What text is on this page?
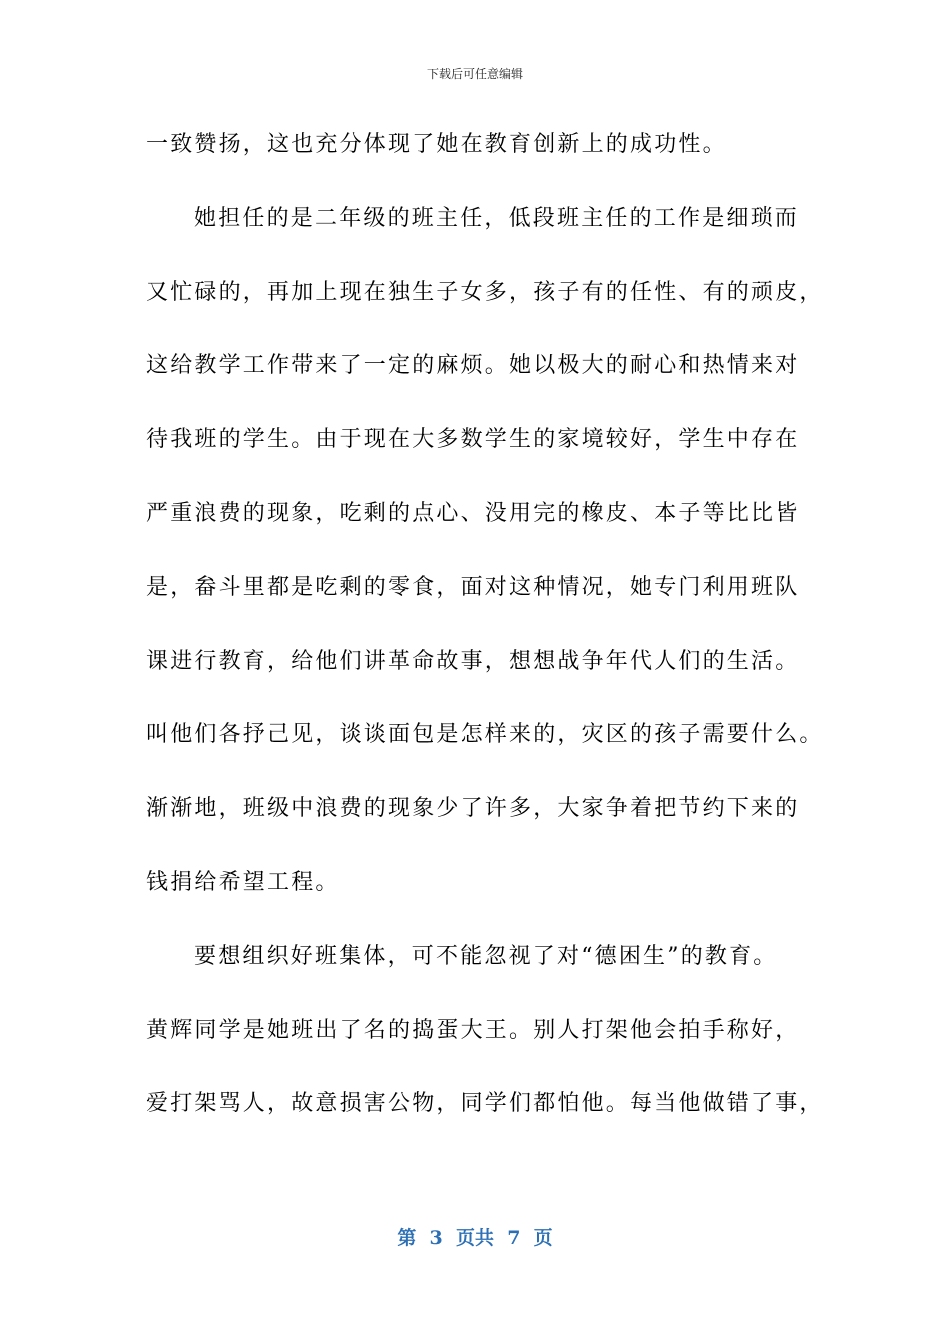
下载后可任意编辑
一致赞扬，这也充分体现了她在教育创新上的成功性。
她担任的是二年级的班主任，低段班主任的工作是细琐而
又忙碌的，再加上现在独生子女多，孩子有的任性、有的顽皮，
这给教学工作带来了一定的麻烦。她以极大的耐心和热情来对
待我班的学生。由于现在大多数学生的家境较好，学生中存在
严重浪费的现象，吃剩的点心、没用完的橡皮、本子等比比皆
是，畚斗里都是吃剩的零食，面对这种情况，她专门利用班队
课进行教育，给他们讲革命故事，想想战争年代人们的生活。
叫他们各抒己见，谈谈面包是怎样来的，灾区的孩子需要什么。
渐渐地，班级中浪费的现象少了许多，大家争着把节约下来的
钱捐给希望工程。
要想组织好班集体，可不能忽视了对“德困生”的教育。
黄辉同学是她班出了名的捣蛋大王。别人打架他会拍手称好，
爱打架骂人，故意损害公物，同学们都怕他。每当他做错了事，
第  3  页共  7  页
